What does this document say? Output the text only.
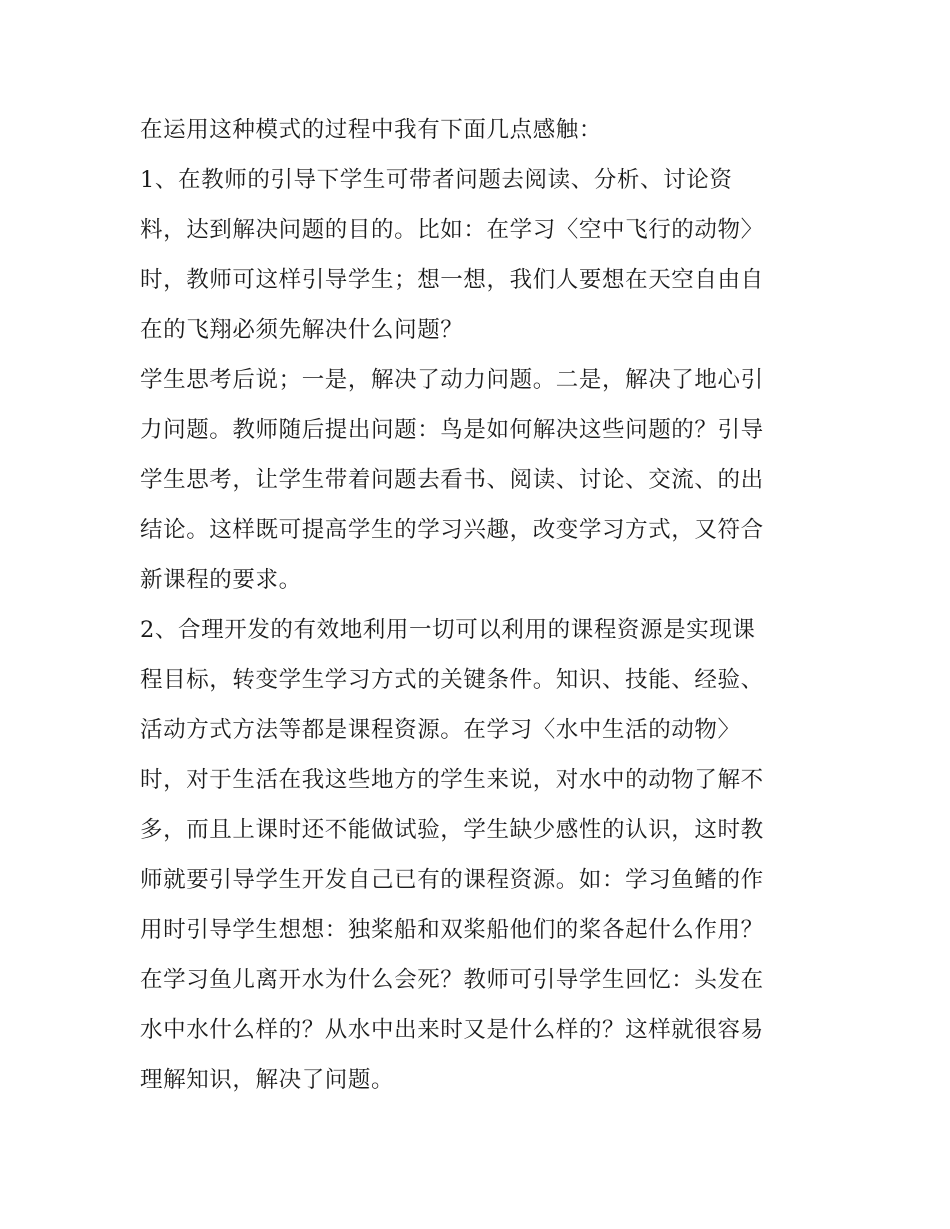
在运用这种模式的过程中我有下面几点感触：
1、在教师的引导下学生可带者问题去阅读、分析、讨论资
料，达到解决问题的目的。比如：在学习〈空中飞行的动物〉
时，教师可这样引导学生；想一想，我们人要想在天空自由自
在的飞翔必须先解决什么问题？
学生思考后说；一是，解决了动力问题。二是，解决了地心引
力问题。教师随后提出问题：鸟是如何解决这些问题的？引导
学生思考，让学生带着问题去看书、阅读、讨论、交流、的出
结论。这样既可提高学生的学习兴趣，改变学习方式，又符合
新课程的要求。
2、合理开发的有效地利用一切可以利用的课程资源是实现课
程目标，转变学生学习方式的关键条件。知识、技能、经验、
活动方式方法等都是课程资源。在学习〈水中生活的动物〉
时，对于生活在我这些地方的学生来说，对水中的动物了解不
多，而且上课时还不能做试验，学生缺少感性的认识，这时教
师就要引导学生开发自己已有的课程资源。如：学习鱼鳍的作
用时引导学生想想：独桨船和双桨船他们的桨各起什么作用？
在学习鱼儿离开水为什么会死？教师可引导学生回忆：头发在
水中水什么样的？从水中出来时又是什么样的？这样就很容易
理解知识，解决了问题。
